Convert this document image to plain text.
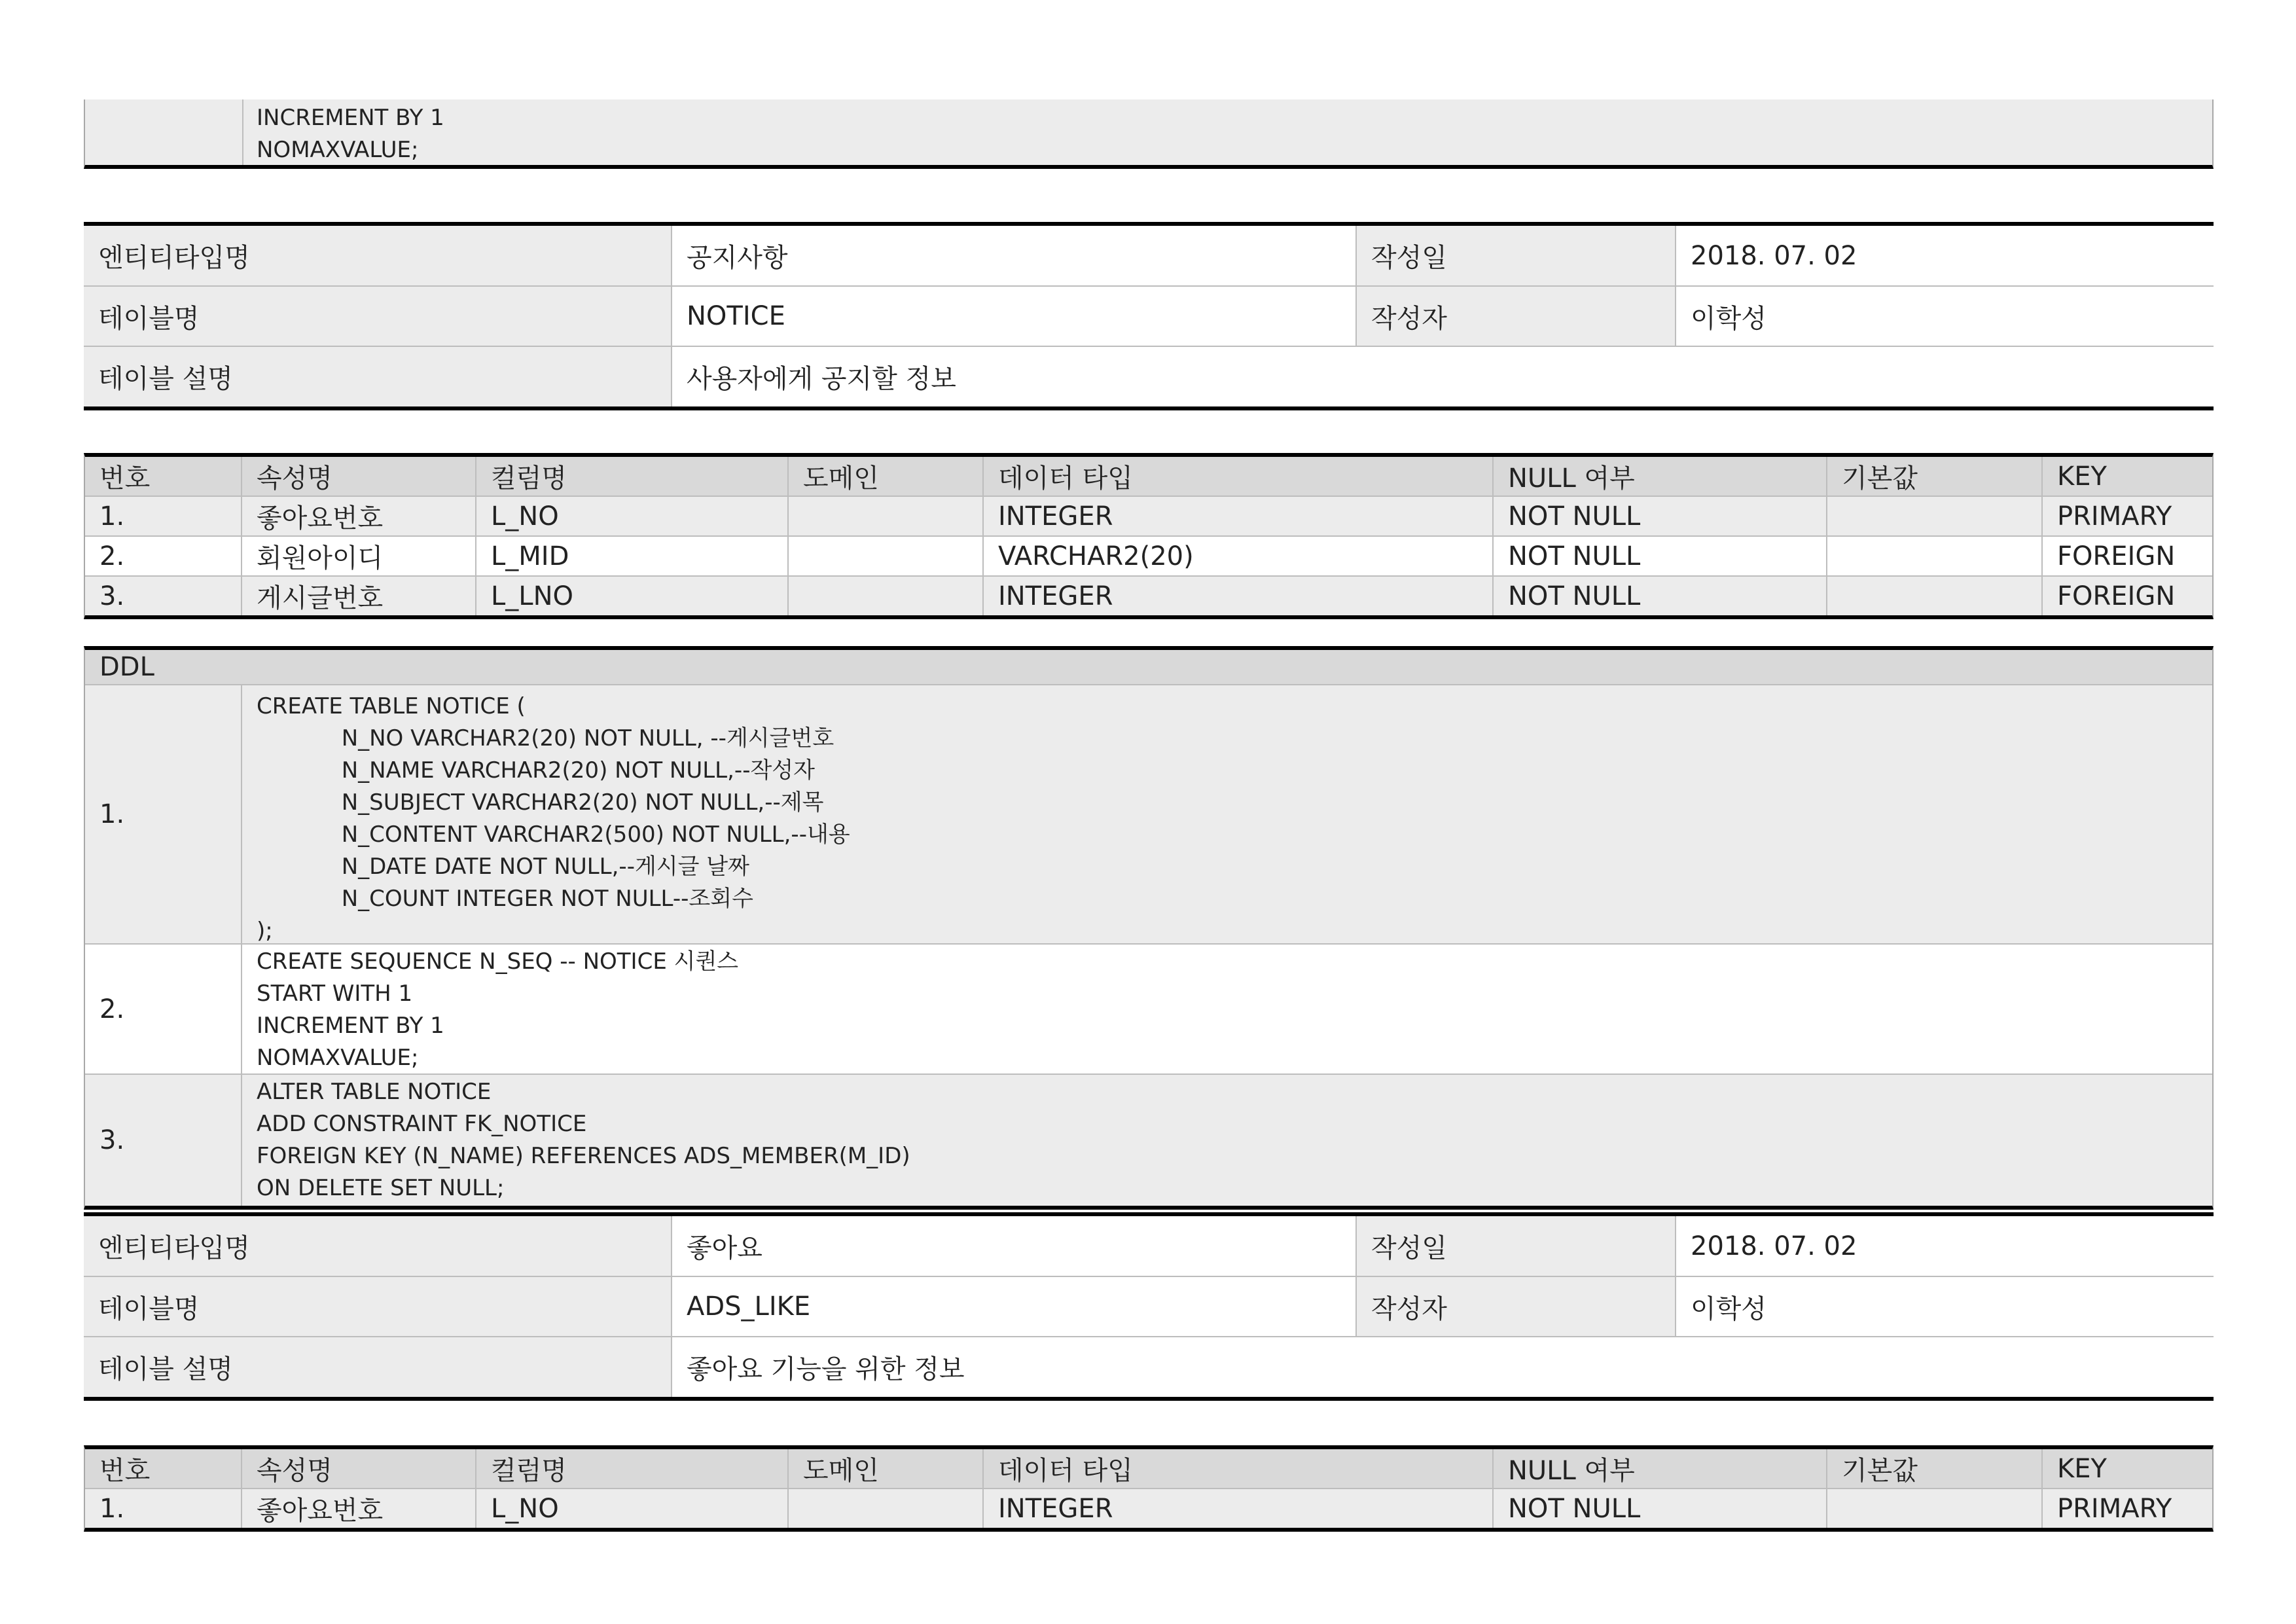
INCREMENT BY 1
NOMAXVALUE;
엔티티타입명	공지사항	작성일	2018. 07. 02
테이블명	NOTICE	작성자	이학성
테이블 설명	사용자에게 공지할 정보		
번호	속성명	컬럼명	도메인	데이터 타입	NULL 여부	기본값	KEY
1.	좋아요번호	L_NO		INTEGER	NOT NULL		PRIMARY
2.	회원아이디	L_MID		VARCHAR2(20)	NOT NULL		FOREIGN
3.	게시글번호	L_LNO		INTEGER	NOT NULL		FOREIGN
DDL
1.
CREATE TABLE NOTICE (
N_NO VARCHAR2(20) NOT NULL, --게시글번호
N_NAME VARCHAR2(20) NOT NULL,--작성자
N_SUBJECT VARCHAR2(20) NOT NULL,--제목
N_CONTENT VARCHAR2(500) NOT NULL,--내용
N_DATE DATE NOT NULL,--게시글 날짜
N_COUNT INTEGER NOT NULL--조회수
);
2.
CREATE SEQUENCE N_SEQ -- NOTICE 시퀀스
START WITH 1
INCREMENT BY 1
NOMAXVALUE;
3.
ALTER TABLE NOTICE
ADD CONSTRAINT FK_NOTICE
FOREIGN KEY (N_NAME) REFERENCES ADS_MEMBER(M_ID)
ON DELETE SET NULL;
엔티티타입명	좋아요	작성일	2018. 07. 02
테이블명	ADS_LIKE	작성자	이학성
테이블 설명	좋아요 기능을 위한 정보		
번호	속성명	컬럼명	도메인	데이터 타입	NULL 여부	기본값	KEY
1.	좋아요번호	L_NO		INTEGER	NOT NULL		PRIMARY
